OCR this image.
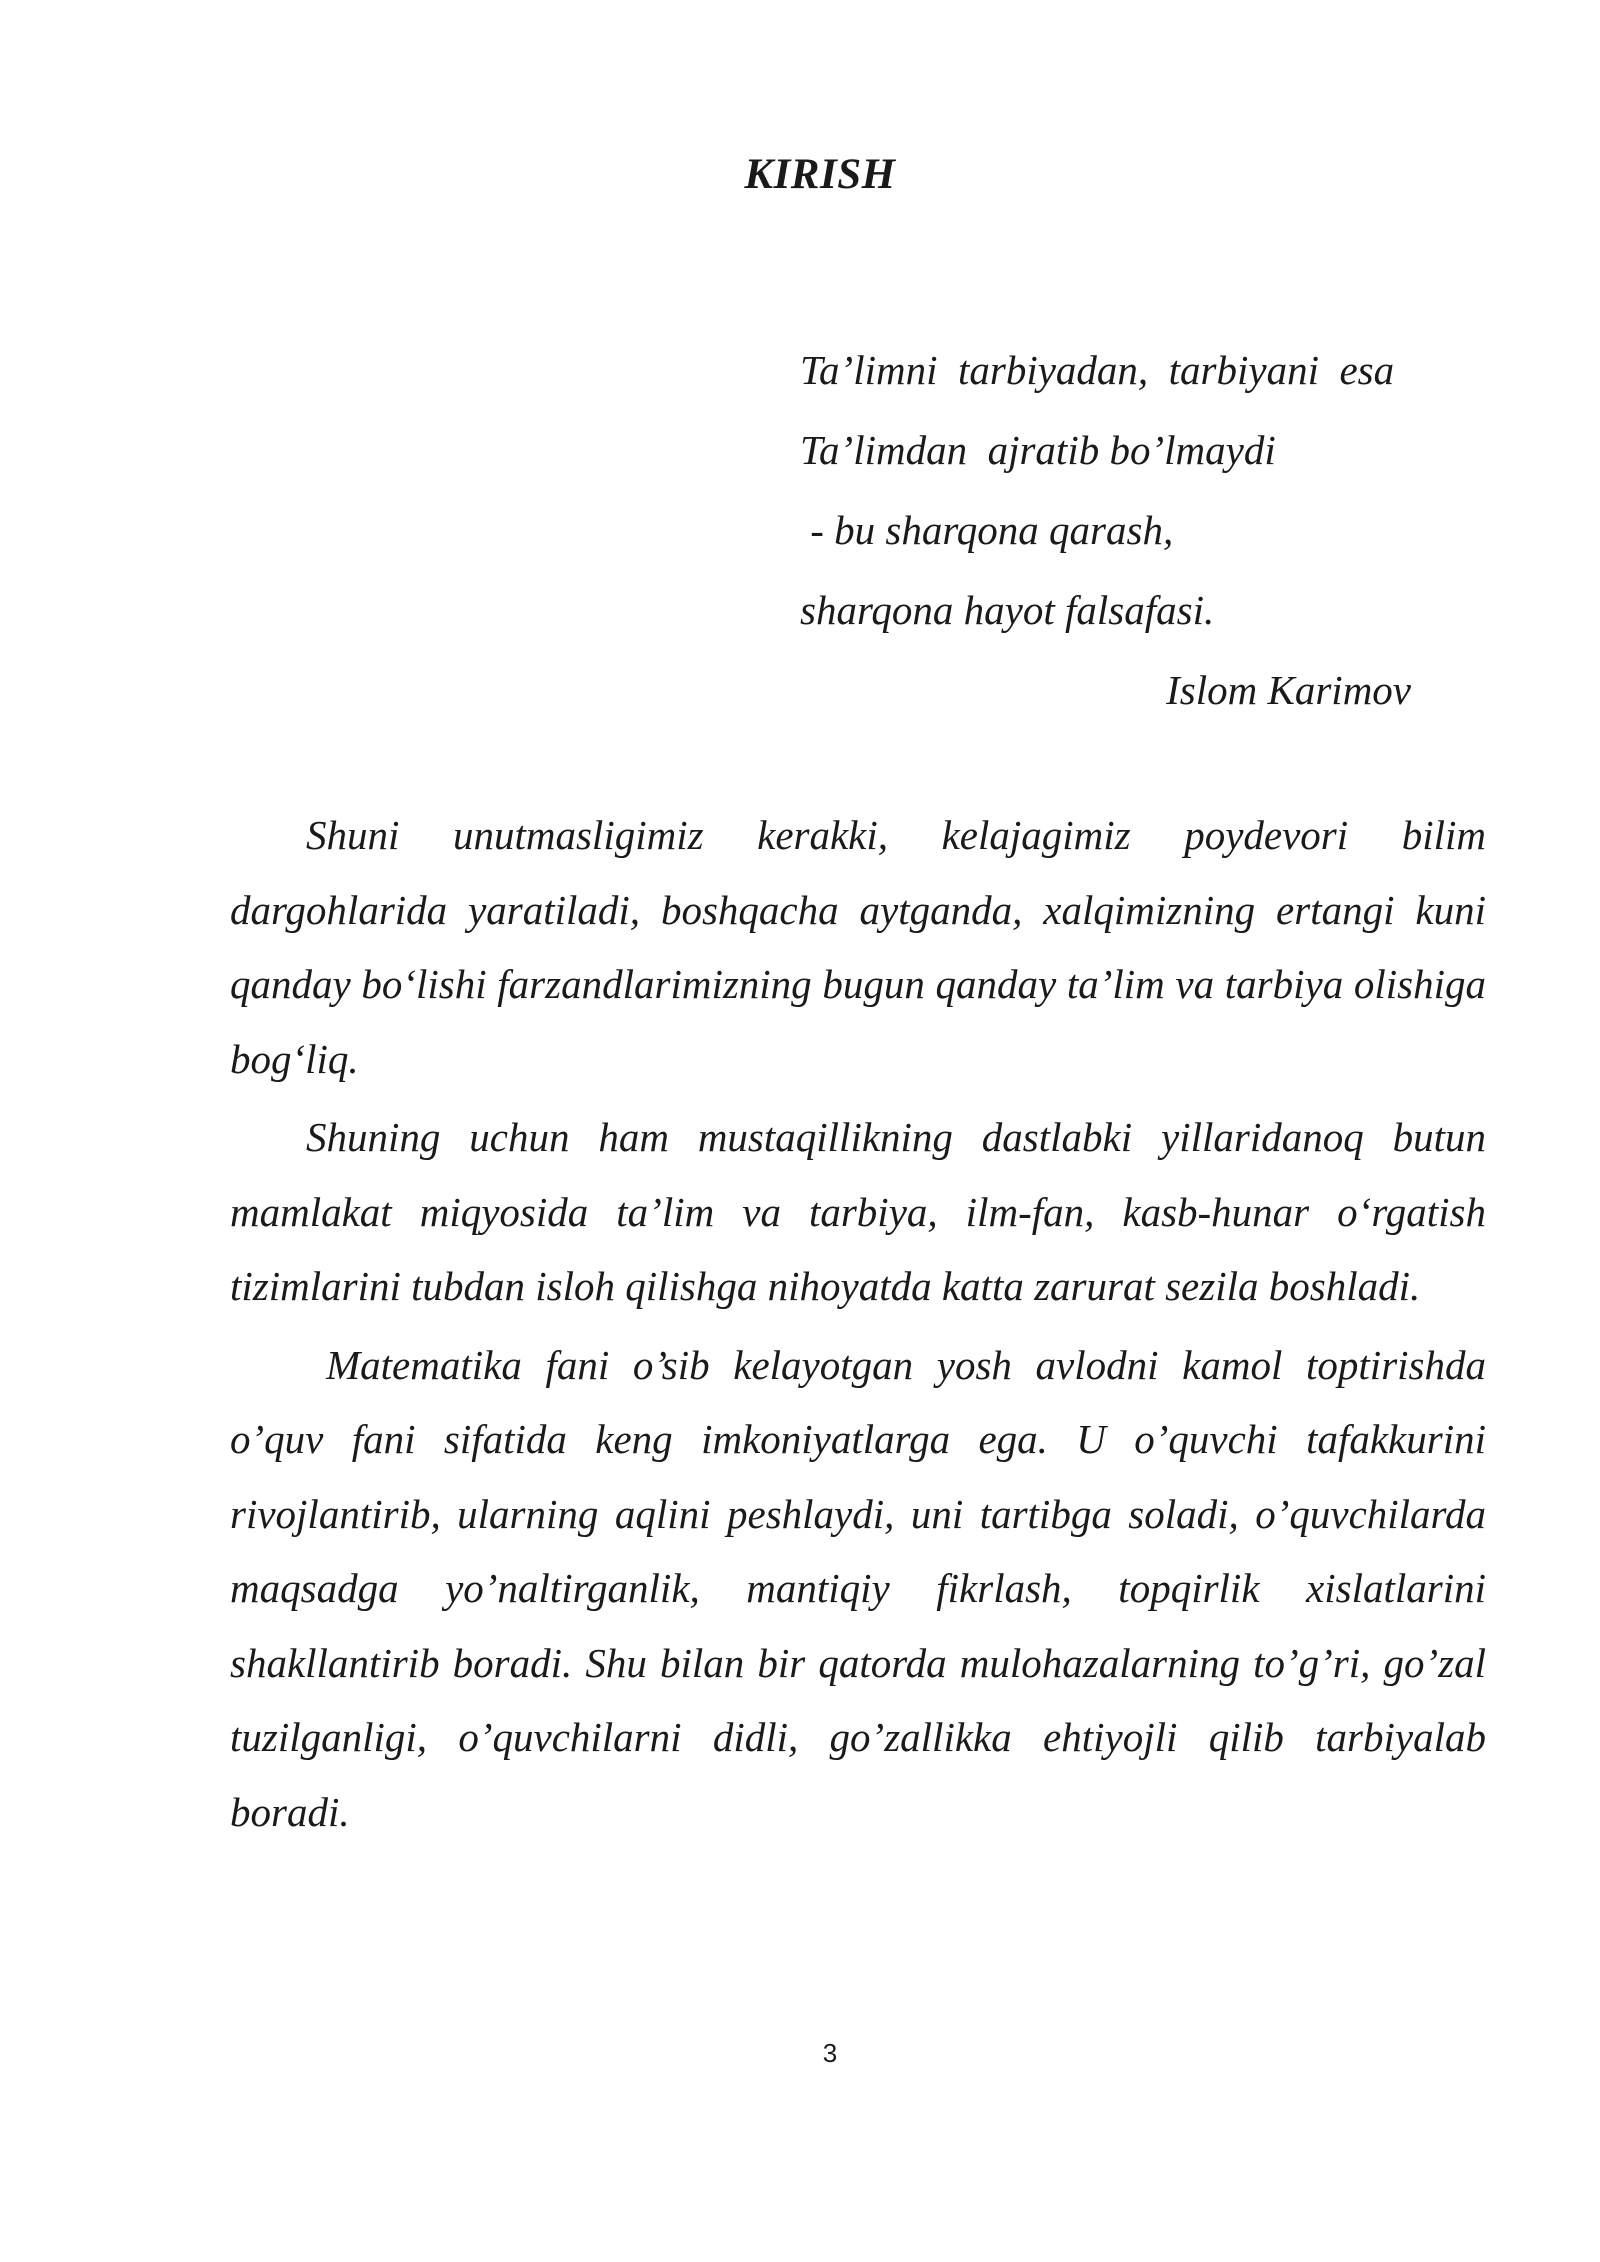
KIRISH
Ta’limni  tarbiyadan,  tarbiyani  esa
Ta’limdan  ajratib bo’lmaydi
- bu sharqona qarash,
sharqona hayot falsafasi.
Islom Karimov

Shuni unutmasligimiz kerakki, kelajagimiz poydevori bilim dargohlarida yaratiladi, boshqacha aytganda, xalqimizning ertangi kuni qanday bo‘lishi farzandlarimizning bugun qanday ta’lim va tarbiya olishiga bog‘liq.

Shuning uchun ham mustaqillikning dastlabki yillaridanoq butun mamlakat miqyosida ta’lim va tarbiya, ilm-fan, kasb-hunar o‘rgatish tizimlarini tubdan isloh qilishga nihoyatda katta zarurat sezila boshladi.

Matematika fani o’sib kelayotgan yosh avlodni kamol toptirishda o’quv fani sifatida keng imkoniyatlarga ega. U o’quvchi tafakkurini rivojlantirib, ularning aqlini peshlaydi, uni tartibga soladi, o’quvchilarda maqsadga yo’naltirganlik, mantiqiy fikrlash, topqirlik xislatlarini shakllantirib boradi. Shu bilan bir qatorda mulohazalarning to’g’ri, go’zal tuzilganligi, o’quvchilarni didli, go’zallikka ehtiyojli qilib tarbiyalab boradi.

3
